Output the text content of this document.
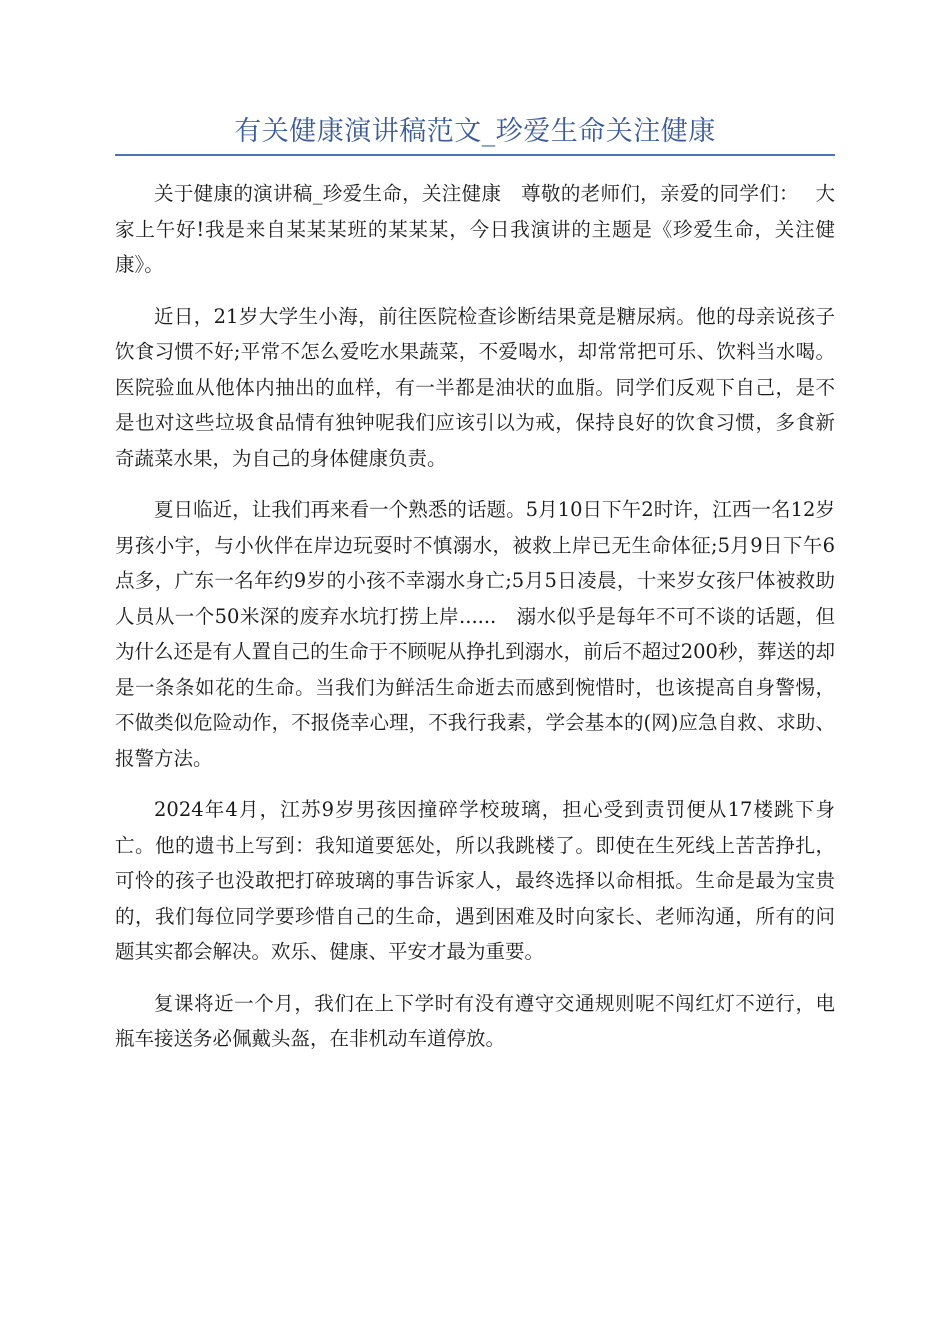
有关健康演讲稿范文_珍爱生命关注健康

关于健康的演讲稿_珍爱生命，关注健康　尊敬的老师们，亲爱的同学们：　 大家上午好!我是来自某某某班的某某某，今日我演讲的主题是《珍爱生命，关注健康》。

近日，21岁大学生小海，前往医院检查诊断结果竟是糖尿病。他的母亲说孩子饮食习惯不好;平常不怎么爱吃水果蔬菜，不爱喝水，却常常把可乐、饮料当水喝。医院验血从他体内抽出的血样，有一半都是油状的血脂。同学们反观下自己，是不是也对这些垃圾食品情有独钟呢我们应该引以为戒，保持良好的饮食习惯，多食新奇蔬菜水果，为自己的身体健康负责。

夏日临近，让我们再来看一个熟悉的话题。5月10日下午2时许，江西一名12岁男孩小宇，与小伙伴在岸边玩耍时不慎溺水，被救上岸已无生命体征;5月9日下午6点多，广东一名年约9岁的小孩不幸溺水身亡;5月5日凌晨，十来岁女孩尸体被救助人员从一个50米深的废弃水坑打捞上岸......　溺水似乎是每年不可不谈的话题，但为什么还是有人置自己的生命于不顾呢从挣扎到溺水，前后不超过200秒，葬送的却是一条条如花的生命。当我们为鲜活生命逝去而感到惋惜时，也该提高自身警惕，不做类似危险动作，不报侥幸心理，不我行我素，学会基本的(网)应急自救、求助、报警方法。

2024年4月，江苏9岁男孩因撞碎学校玻璃，担心受到责罚便从17楼跳下身亡。他的遗书上写到：我知道要惩处，所以我跳楼了。即使在生死线上苦苦挣扎，可怜的孩子也没敢把打碎玻璃的事告诉家人，最终选择以命相抵。生命是最为宝贵的，我们每位同学要珍惜自己的生命，遇到困难及时向家长、老师沟通，所有的问题其实都会解决。欢乐、健康、平安才最为重要。

复课将近一个月，我们在上下学时有没有遵守交通规则呢不闯红灯不逆行，电瓶车接送务必佩戴头盔，在非机动车道停放。
